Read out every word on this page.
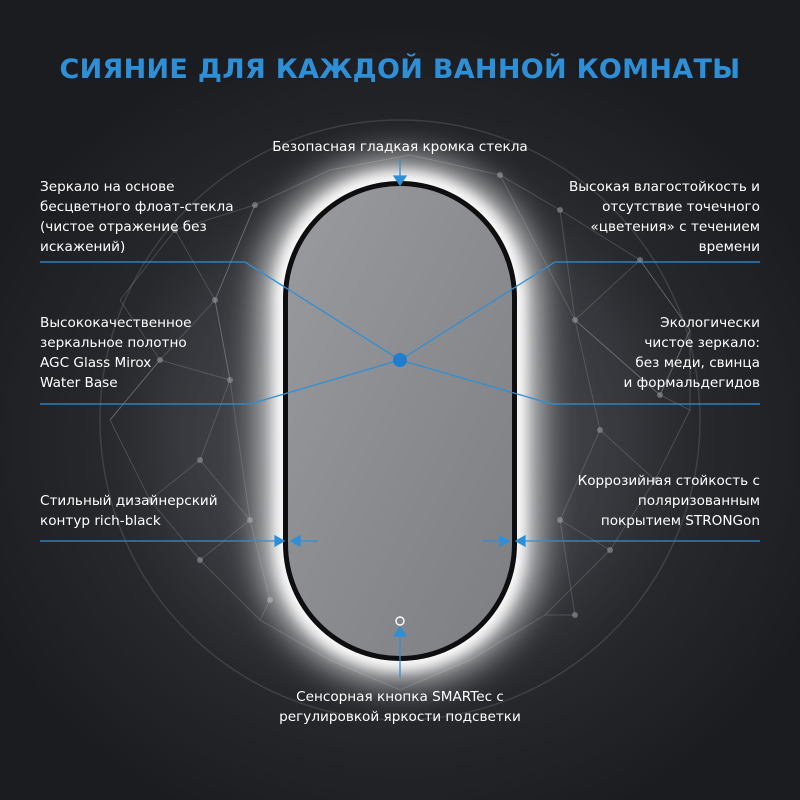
СИЯНИЕ ДЛЯ КАЖДОЙ ВАННОЙ КОМНАТЫ
Безопасная гладкая кромка стекла
Зеркало на основе
бесцветного флоат-стекла
(чистое отражение без
искажений)
Высокая влагостойкость и
отсутствие точечного
«цветения» с течением
времени
Высококачественное
зеркальное полотно
AGC Glass Mirox
Water Base
Экологически
чистое зеркало:
без меди, свинца
и формальдегидов
Стильный дизайнерский
контур rich-black
Коррозийная стойкость с
поляризованным
покрытием STRONGon
Сенсорная кнопка SMARTec с
регулировкой яркости подсветки
